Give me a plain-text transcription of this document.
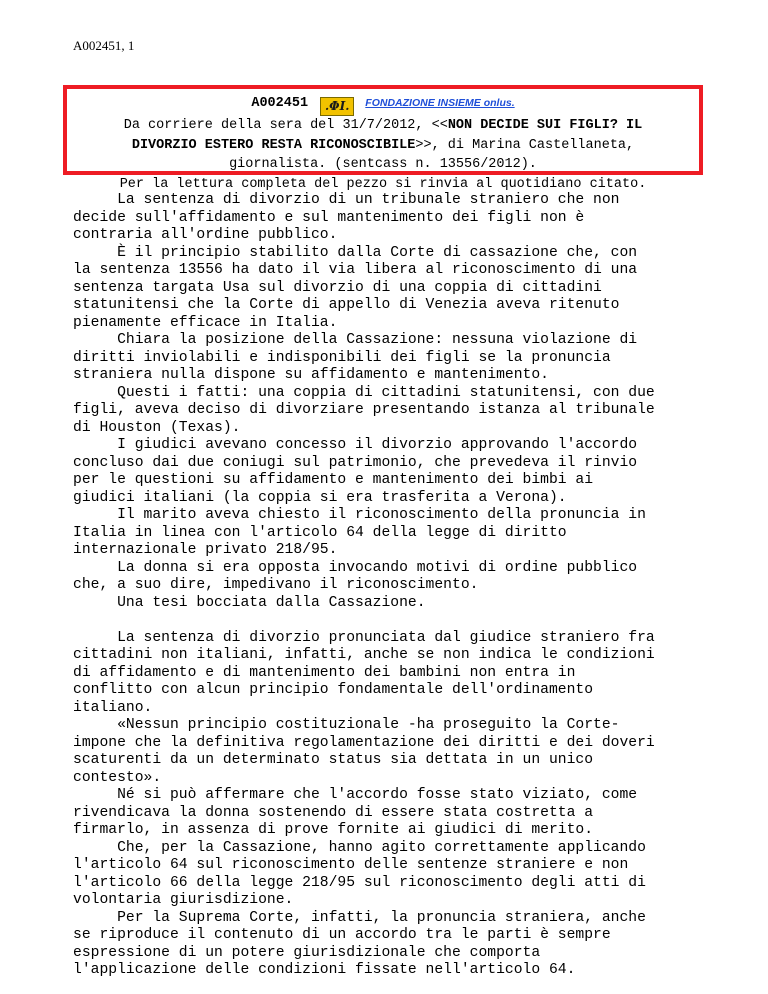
A002451, 1
A002451 .ΦI. FONDAZIONE INSIEME onlus.
Da corriere della sera del 31/7/2012, <<NON DECIDE SUI FIGLI? IL
DIVORZIO ESTERO RESTA RICONOSCIBILE>>, di Marina Castellaneta,
giornalista. (sentcass n. 13556/2012).
Per la lettura completa del pezzo si rinvia al quotidiano citato.
La sentenza di divorzio di un tribunale straniero che non
decide sull'affidamento e sul mantenimento dei figli non è
contraria all'ordine pubblico.
È il principio stabilito dalla Corte di cassazione che, con
la sentenza 13556 ha dato il via libera al riconoscimento di una
sentenza targata Usa sul divorzio di una coppia di cittadini
statunitensi che la Corte di appello di Venezia aveva ritenuto
pienamente efficace in Italia.
Chiara la posizione della Cassazione: nessuna violazione di
diritti inviolabili e indisponibili dei figli se la pronuncia
straniera nulla dispone su affidamento e mantenimento.
Questi i fatti: una coppia di cittadini statunitensi, con due
figli, aveva deciso di divorziare presentando istanza al tribunale
di Houston (Texas).
I giudici avevano concesso il divorzio approvando l'accordo
concluso dai due coniugi sul patrimonio, che prevedeva il rinvio
per le questioni su affidamento e mantenimento dei bimbi ai
giudici italiani (la coppia si era trasferita a Verona).
Il marito aveva chiesto il riconoscimento della pronuncia in
Italia in linea con l'articolo 64 della legge di diritto
internazionale privato 218/95.
La donna si era opposta invocando motivi di ordine pubblico
che, a suo dire, impedivano il riconoscimento.
Una tesi bocciata dalla Cassazione.
La sentenza di divorzio pronunciata dal giudice straniero fra
cittadini non italiani, infatti, anche se non indica le condizioni
di affidamento e di mantenimento dei bambini non entra in
conflitto con alcun principio fondamentale dell'ordinamento
italiano.
«Nessun principio costituzionale -ha proseguito la Corte-
impone che la definitiva regolamentazione dei diritti e dei doveri
scaturenti da un determinato status sia dettata in un unico
contesto».
Né si può affermare che l'accordo fosse stato viziato, come
rivendicava la donna sostenendo di essere stata costretta a
firmarlo, in assenza di prove fornite ai giudici di merito.
Che, per la Cassazione, hanno agito correttamente applicando
l'articolo 64 sul riconoscimento delle sentenze straniere e non
l'articolo 66 della legge 218/95 sul riconoscimento degli atti di
volontaria giurisdizione.
Per la Suprema Corte, infatti, la pronuncia straniera, anche
se riproduce il contenuto di un accordo tra le parti è sempre
espressione di un potere giurisdizionale che comporta
l'applicazione delle condizioni fissate nell'articolo 64.
